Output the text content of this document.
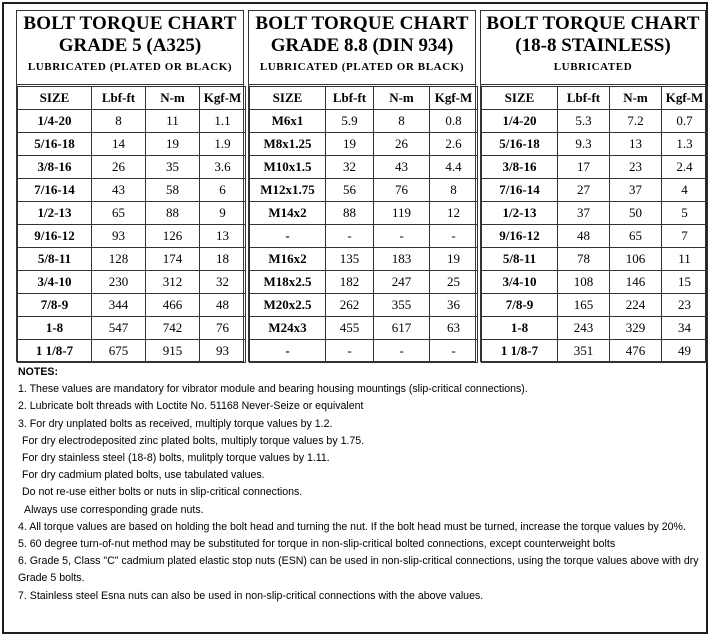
BOLT TORQUE CHART
GRADE 5 (A325)
LUBRICATED (PLATED OR BLACK)
SIZE	Lbf-ft	N-m	Kgf-M
1/4-20	8	11	1.1
5/16-18	14	19	1.9
3/8-16	26	35	3.6
7/16-14	43	58	6
1/2-13	65	88	9
9/16-12	93	126	13
5/8-11	128	174	18
3/4-10	230	312	32
7/8-9	344	466	48
1-8	547	742	76
1 1/8-7	675	915	93
BOLT TORQUE CHART
GRADE 8.8 (DIN 934)
LUBRICATED (PLATED OR BLACK)
SIZE	Lbf-ft	N-m	Kgf-M
M6x1	5.9	8	0.8
M8x1.25	19	26	2.6
M10x1.5	32	43	4.4
M12x1.75	56	76	8
M14x2	88	119	12
-	-	-	-
M16x2	135	183	19
M18x2.5	182	247	25
M20x2.5	262	355	36
M24x3	455	617	63
-	-	-	-
BOLT TORQUE CHART
(18-8 STAINLESS)
LUBRICATED
SIZE	Lbf-ft	N-m	Kgf-M
1/4-20	5.3	7.2	0.7
5/16-18	9.3	13	1.3
3/8-16	17	23	2.4
7/16-14	27	37	4
1/2-13	37	50	5
9/16-12	48	65	7
5/8-11	78	106	11
3/4-10	108	146	15
7/8-9	165	224	23
1-8	243	329	34
1 1/8-7	351	476	49
NOTES:
1. These values are mandatory for vibrator module and bearing housing mountings (slip-critical connections).
2. Lubricate bolt threads with Loctite No. 51168 Never-Seize or equivalent
3. For dry unplated bolts as received, multiply torque values by 1.2.
For dry electrodeposited zinc plated bolts, multiply torque values by 1.75.
For dry stainless steel (18-8) bolts, mulitply torque values by 1.11.
For dry cadmium plated bolts, use tabulated values.
Do not re-use either bolts or nuts in slip-critical connections.
Always use corresponding grade nuts.
4. All torque values are based on holding the bolt head and turning the nut. If the bolt head must be turned, increase the torque values by 20%.
5. 60 degree turn-of-nut method may be substituted for torque in non-slip-critical bolted connections, except counterweight bolts
6. Grade 5, Class "C" cadmium plated elastic stop nuts (ESN) can be used in non-slip-critical connections, using the torque values above with dry Grade 5 bolts.
7. Stainless steel Esna nuts can also be used in non-slip-critical connections with the above values.
